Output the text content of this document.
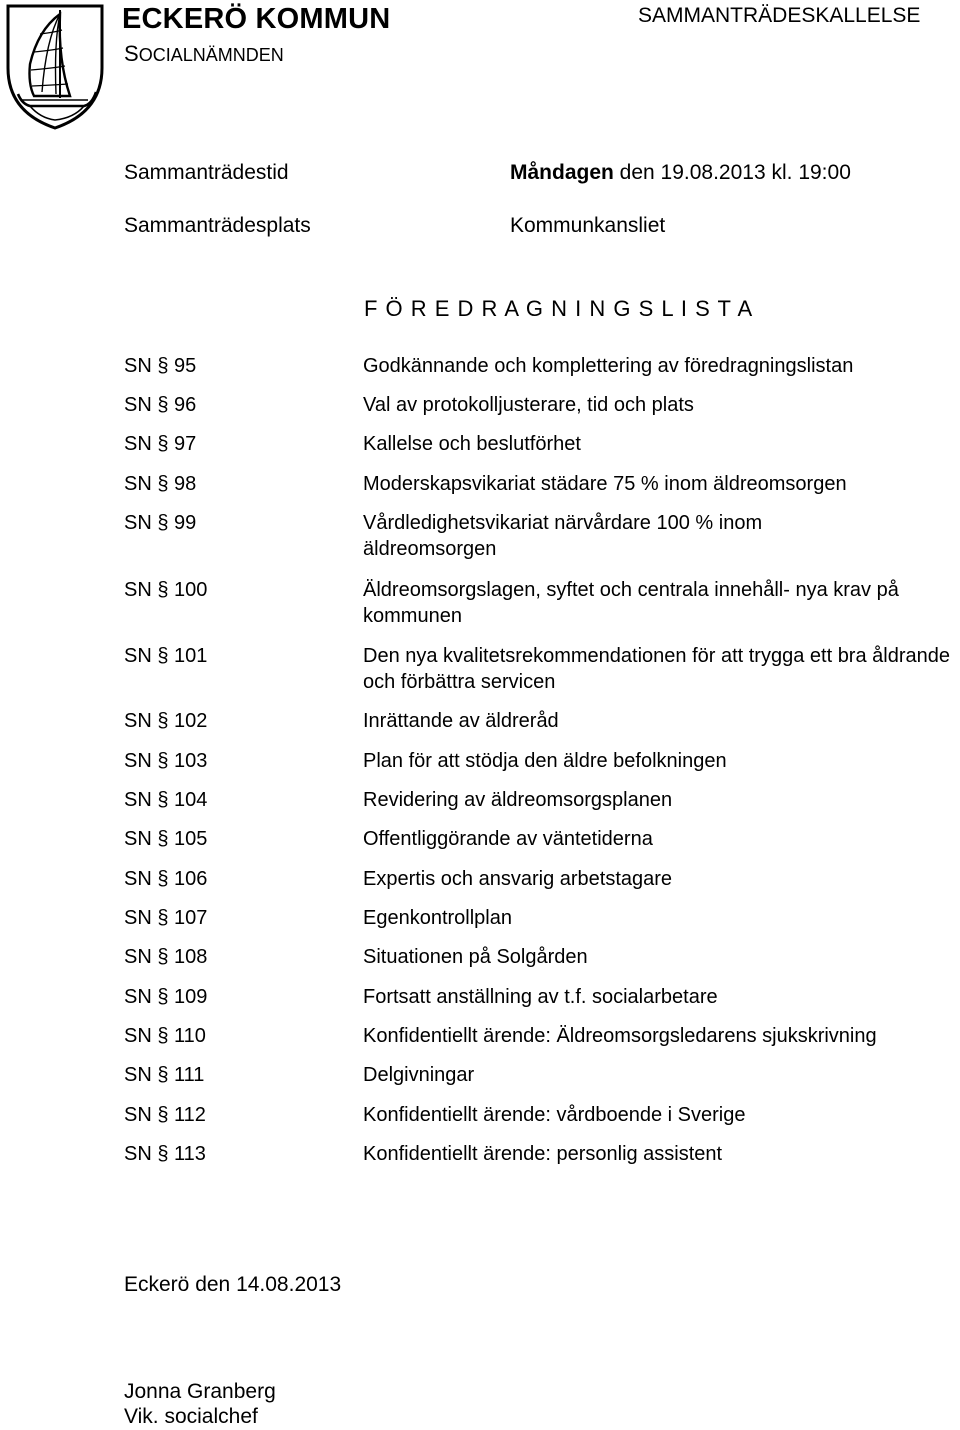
ECKERÖ KOMMUN
SOCIALNÄMNDEN
SAMMANTRÄDESKALLELSE
Sammanträdestid	Måndagen den 19.08.2013 kl. 19:00
Sammanträdesplats	Kommunkansliet
F Ö R E D R A G N I N G S L I S T A
SN § 95	Godkännande och komplettering av föredragningslistan
SN § 96	Val av protokolljusterare, tid och plats
SN § 97	Kallelse och beslutförhet
SN § 98	Moderskapsvikariat städare 75 % inom äldreomsorgen
SN § 99	Vårdledighetsvikariat närvårdare 100 % inom äldreomsorgen
SN § 100	Äldreomsorgslagen, syftet och centrala innehåll- nya krav på kommunen
SN § 101	Den nya kvalitetsrekommendationen för att trygga ett bra åldrande och förbättra servicen
SN § 102	Inrättande av äldreråd
SN § 103	Plan för att stödja den äldre befolkningen
SN § 104	Revidering av äldreomsorgsplanen
SN § 105	Offentliggörande av väntetiderna
SN § 106	Expertis och ansvarig arbetstagare
SN § 107	Egenkontrollplan
SN § 108	Situationen på Solgården
SN § 109	Fortsatt anställning av t.f. socialarbetare
SN § 110	Konfidentiellt ärende: Äldreomsorgsledarens sjukskrivning
SN § 111	Delgivningar
SN § 112	Konfidentiellt ärende: vårdboende i Sverige
SN § 113	Konfidentiellt ärende: personlig assistent
Eckerö den 14.08.2013
Jonna Granberg
Vik. socialchef
